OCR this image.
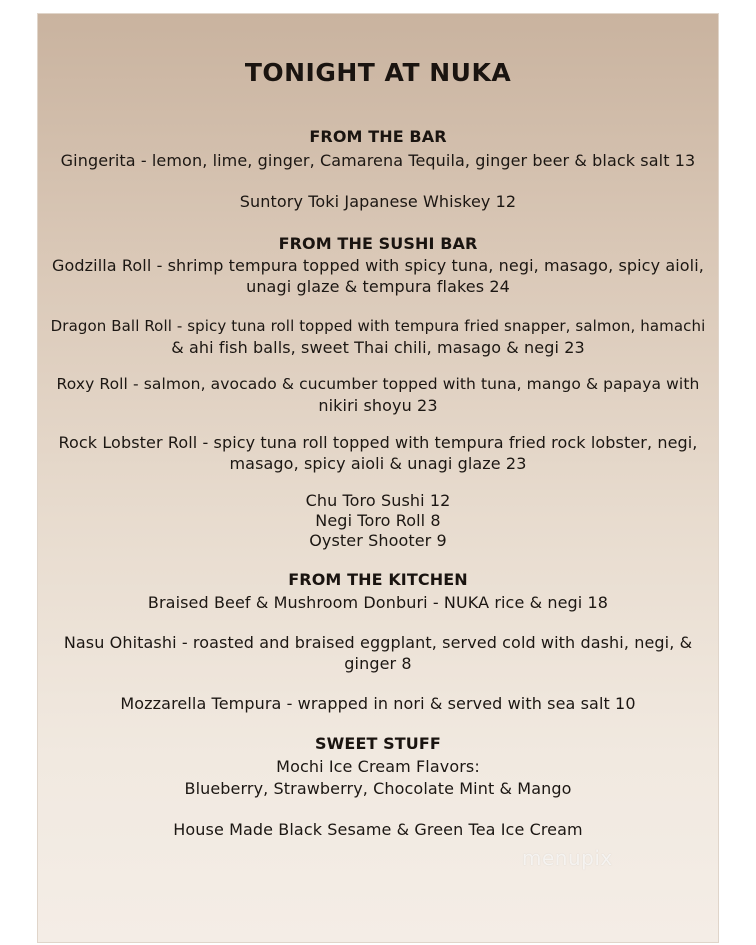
TONIGHT AT NUKA
FROM THE BAR
Gingerita - lemon, lime, ginger, Camarena Tequila, ginger beer & black salt 13
Suntory Toki Japanese Whiskey 12
FROM THE SUSHI BAR
Godzilla Roll - shrimp tempura topped with spicy tuna, negi, masago, spicy aioli,
unagi glaze & tempura flakes 24
Dragon Ball Roll - spicy tuna roll topped with tempura fried snapper, salmon, hamachi
& ahi fish balls, sweet Thai chili, masago & negi 23
Roxy Roll - salmon, avocado & cucumber topped with tuna, mango & papaya with
nikiri shoyu 23
Rock Lobster Roll - spicy tuna roll topped with tempura fried rock lobster, negi,
masago, spicy aioli & unagi glaze 23
Chu Toro Sushi 12
Negi Toro Roll 8
Oyster Shooter 9
FROM THE KITCHEN
Braised Beef & Mushroom Donburi - NUKA rice & negi 18
Nasu Ohitashi - roasted and braised eggplant, served cold with dashi, negi, &
ginger 8
Mozzarella Tempura - wrapped in nori & served with sea salt 10
SWEET STUFF
Mochi Ice Cream Flavors:
Blueberry, Strawberry, Chocolate Mint & Mango
House Made Black Sesame & Green Tea Ice Cream
menupix
